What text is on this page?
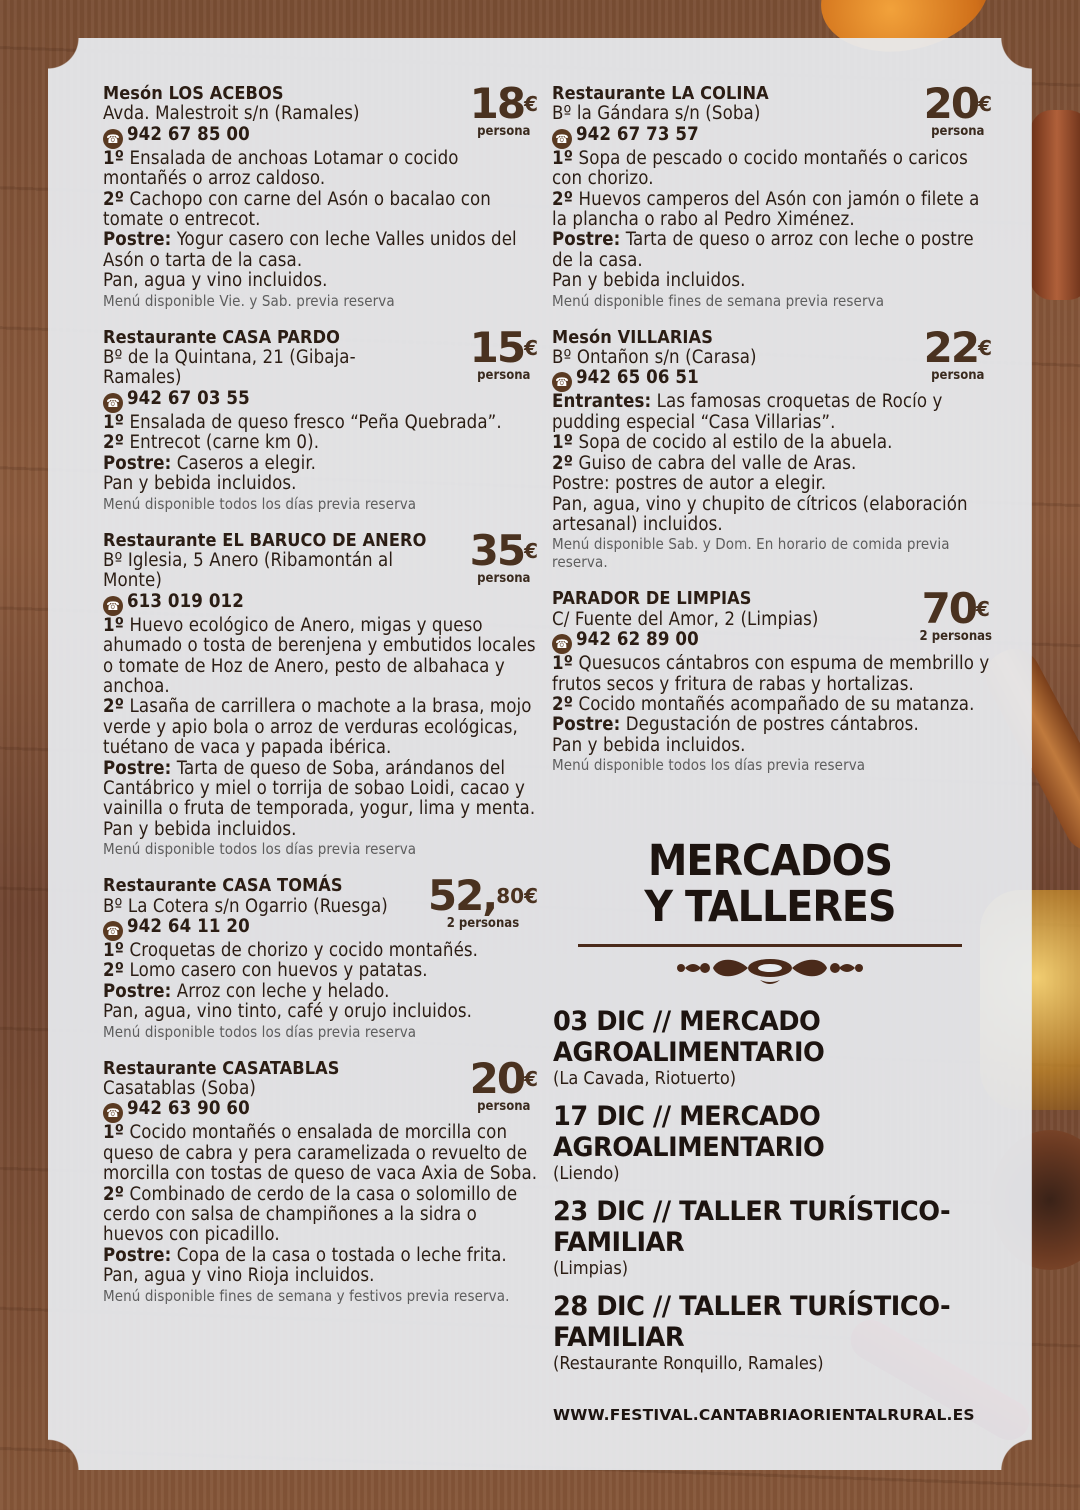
18€
persona
Mesón LOS ACEBOS
Avda. Malestroit s/n (Ramales)
☎ 942 67 85 00
1º Ensalada de anchoas Lotamar o cocido montañés o arroz caldoso.
2º Cachopo con carne del Asón o bacalao con tomate o entrecot.
Postre: Yogur casero con leche Valles unidos del Asón o tarta de la casa.
Pan, agua y vino incluidos.
Menú disponible Vie. y Sab. previa reserva
15€
persona
Restaurante CASA PARDO
Bº de la Quintana, 21 (Gibaja-Ramales)
☎ 942 67 03 55
1º Ensalada de queso fresco “Peña Quebrada”.
2º Entrecot (carne km 0).
Postre: Caseros a elegir.
Pan y bebida incluidos.
Menú disponible todos los días previa reserva
35€
persona
Restaurante EL BARUCO DE ANERO
Bº Iglesia, 5 Anero (Ribamontán al Monte)
☎ 613 019 012
1º Huevo ecológico de Anero, migas y queso ahumado o tosta de berenjena y embutidos locales o tomate de Hoz de Anero, pesto de albahaca y anchoa.
2º Lasaña de carrillera o machote a la brasa, mojo verde y apio bola o arroz de verduras ecológicas, tuétano de vaca y papada ibérica.
Postre: Tarta de queso de Soba, arándanos del Cantábrico y miel o torrija de sobao Loidi, cacao y vainilla o fruta de temporada, yogur, lima y menta.
Pan y bebida incluidos.
Menú disponible todos los días previa reserva
52,$^{80€}$
2 personas
Restaurante CASA TOMÁS
Bº La Cotera s/n Ogarrio (Ruesga)
☎ 942 64 11 20
1º Croquetas de chorizo y cocido montañés.
2º Lomo casero con huevos y patatas.
Postre: Arroz con leche y helado.
Pan, agua, vino tinto, café y orujo incluidos.
Menú disponible todos los días previa reserva
20€
persona
Restaurante CASATABLAS
Casatablas (Soba)
☎ 942 63 90 60
1º Cocido montañés o ensalada de morcilla con queso de cabra y pera caramelizada o revuelto de morcilla con tostas de queso de vaca Axia de Soba.
2º Combinado de cerdo de la casa o solomillo de cerdo con salsa de champiñones a la sidra o huevos con picadillo.
Postre: Copa de la casa o tostada o leche frita.
Pan, agua y vino Rioja incluidos.
Menú disponible fines de semana y festivos previa reserva.
20€
persona
Restaurante LA COLINA
Bº la Gándara s/n (Soba)
☎ 942 67 73 57
1º Sopa de pescado o cocido montañés o caricos con chorizo.
2º Huevos camperos del Asón con jamón o filete a la plancha o rabo al Pedro Ximénez.
Postre: Tarta de queso o arroz con leche o postre de la casa.
Pan y bebida incluidos.
Menú disponible fines de semana previa reserva
22€
persona
Mesón VILLARIAS
Bº Ontañon s/n (Carasa)
☎ 942 65 06 51
Entrantes: Las famosas croquetas de Rocío y pudding especial “Casa Villarias”.
1º Sopa de cocido al estilo de la abuela.
2º Guiso de cabra del valle de Aras.
Postre: postres de autor a elegir.
Pan, agua, vino y chupito de cítricos (elaboración artesanal) incluidos.
Menú disponible Sab. y Dom. En horario de comida previa reserva.
70€
2 personas
PARADOR DE LIMPIAS
C/ Fuente del Amor, 2 (Limpias)
☎ 942 62 89 00
1º Quesucos cántabros con espuma de membrillo y frutos secos y fritura de rabas y hortalizas.
2º Cocido montañés acompañado de su matanza.
Postre: Degustación de postres cántabros.
Pan y bebida incluidos.
Menú disponible todos los días previa reserva
MERCADOS
Y TALLERES
03 DIC // MERCADO AGROALIMENTARIO
(La Cavada, Riotuerto)
17 DIC // MERCADO AGROALIMENTARIO
(Liendo)
23 DIC // TALLER TURÍSTICO-FAMILIAR
(Limpias)
28 DIC // TALLER TURÍSTICO-FAMILIAR
(Restaurante Ronquillo, Ramales)
WWW.FESTIVAL.CANTABRIAORIENTALRURAL.ES
